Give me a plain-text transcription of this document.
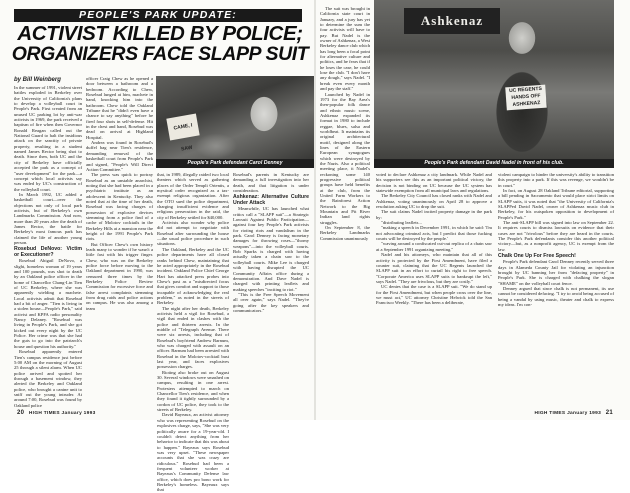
PEOPLE'S PARK UPDATE:
ACTIVIST KILLED BY POLICE;
ORGANIZERS FACE SLAPP SUIT
by Bill Weinberg

In the summer of 1991, violent street battles exploded in Berkeley over the University of California's plans to develop a volleyball court in People's Park. First created from an unused UC parking lot by anti-war activists in 1969, the park received a baptism of fire when then Governor Ronald Reagan called out the National Guard to halt the insidious attack on the sanctity of private property, resulting in a student named James Rector being shot to death. Since then, both UC and the city of Berkeley have officially accepted the park as a concept of "user development" for the park—a concept which local activists say was ended by UC's construction of the volleyball court.

In March 1992, UC added a basketball court—over the objections not only of local park activists, but of Berkeley's own Landmarks Commission. And now, more than 20 years after the death of James Rector, the battle for Berkeley's most famous park has claimed the life of another young person.

Rosebud DeNovo: Victim or Executioner?

Rosebud Abigail DeNovo, a slight, homeless woman of 19 years and 100 pounds, was shot to death by an Oakland police officer in the home of Chancellor Chang-Lin Tien of UC Berkeley, where she was apparently wielding a machete. Local activists admit that Rosebud had a bit of anger. "Tien is living in a stolen house—People's Park," said activist and KPFA radio personality Nancy Delaney. "Rosebud was living in People's Park, and she got kicked out every night by the UC Police. Her crime was that she had the guts to go into the patriarch's house and question his authority."

Rosebud apparently entered Tien's campus residence just before 5:00 AM on the morning of August 25 through a silent alarm. When UC police arrived and spotted her through a basement window, they alerted the Berkeley and Oakland police, who brought a canine unit to sniff out the young intruder. At around 7:00, Rosebud was found by Oakland police

officer Craig Chew as he opened a door between a bathroom and a bedroom. According to Chew, Rosebud lunged at him, machete in hand, knocking him into the bathroom. Chew told the Oakland Tribune that he "didn't even have a chance to say anything" before he fired four shots in self-defense. Hit in the chest and hand, Rosebud was dead on arrival at Highland Hospital.

Andrea was found in Rosebud's duffel bag near Tien's residence, demanding removal of the basketball court from People's Park and signed, "People's Will Direct Action Committee."

The press was quick to portray Rosebud as an unstable anarchist, noting that she had been placed in a psychiatric institute as an adolescent in Kentucky. They also noted that at the time of her death, Rosebud was facing charges of possession of explosive devices stemming from a police find of a cache of Molotov cocktails in the Berkeley Hills at a mansion near the height of the 1991 People's Park riots.

But Officer Chew's own history leads many to wonder if he wasn't a little fast with his trigger finger. Chew, who was on the Berkeley police force before moving to the Oakland department in 1990, was censured three times by the Berkeley Police Review Commission for excessive force and false arrest complaints stemming from drug raids and police actions on campus. He was also among a team

CAME, I SAW
People's Park defendant Carol Denney

that, in 1989, illegally raided two local theaters which served as gathering places of the Order Templi Orientis, a mystical order recognized as a tax-exempt religious organization. After the OTO sued the police department, charging insufficient evidence and religious persecution in the raid, the city of Berkeley settled for $40,000.

Activists also wonder why police did not attempt to negotiate with Rosebud after surrounding the house—the usual police procedure in such situations.

The Oakland, Berkeley and the UC police departments have all closed ranks behind Chew, maintaining that he acted appropriately in the Rosebud incident. Oakland Police Chief George Hart has attacked press probes into Chew's past as a "misdirected focus that gives comfort and support to those incapable of acknowledging the real problem," as noted in the streets of Berkeley.

The night after her death, Berkeley activists held a vigil for Rosebud, a vigil that ended in clashes with the police and thirteen arrests. In the middle of "Telegraph Avenue. There were six arrests, including that of Rosebud's boyfriend Andrew Barnum, who was charged with assault on an officer. Barnum had been arrested with Rosebud in the Molotov-cocktail bust last year, and faces explosives possession charges.

Rioting also broke out on August 30. Several windows were smashed on campus, resulting in one arrest. Protesters attempted to march on Chancellor Tien's residence, and when they found it tightly surrounded by a cordon of UC police, they took to the streets of Berkeley.

David Bayeaux, an activist attorney who was representing Rosebud on the explosives charge, says, "She was very politically aware for a 19-year-old. I couldn't detect anything from her behavior to indicate that this was about to happen." Bayeaux says Rosebud was very upset. "These newspaper accounts that she was crazy are ridiculous." Rosebud had been a frequent volunteer worker at Bayeaux's Community Defense law office, which does pro bono work for Berkeley's homeless. Bayeaux says that

Rosebud's parents in Kentucky are demanding a full investigation into her death, and that litigation is under consideration.

Ashkenaz: Alternative Culture Under Attack

Meanwhile, UC has launched what critics call a "SLAPP suit"—a Strategic Lawsuit Against Public Participation—against four key People's Park activists for rioting riots and vandalism in the park. Carol Denney is facing monetary damages for throwing roses—"thorny weapons"—into the volleyball courts. Bob Sparks is charged with having actually taken a chain saw to the volleyball courts. Mike Lee is charged with having disrupted the UC Community Affairs office during a demonstration. And Dave Nadel is charged with printing leaflets and making speeches "inciting to riot."

"This is the Free Speech Movement all over again," says Nadel. "They're going after the key speakers and communicators."

The suit was brought in California state court in January, and a jury has yet to determine the sum the four activists will have to pay. But Nadel is the owner of Ashkenaz, a West Berkeley dance club which has long been a focal point for alternative culture and politics, and he fears that if he loses the case, he could lose the club. "I don't have any dough," says Nadel. "I break even every month and pay the staff."

Launched by Nadel in 1973 for the Bay Area's then-popular folk dance and ethnic music scene, Ashkenaz expanded its format in 1980 to include reggae, blues, salsa and worldbeat. It maintains its original architectural motif, designed along the lines of the Eastern European synagogues which were destroyed by the Nazis. Also a political meeting place, it Nadel's reckoning some 140 progressive political groups have held benefits at the club, from the United Farm Workers to the Rainforest Action Network to the Big Mountain and Pit River Indian land rights struggles.

On September 8, the Berkeley Landmarks Commission unanimously

Ashkenaz
UC REGENTS HANDS OFF ASHKENAZ
People's Park defendant David Nadel in front of his club.

voted to declare Ashkenaz a city landmark. While Nadel and his supporters see this as an important political victory, the decision is not binding on UC because the UC system has statewide exemption from all municipal laws and regulations.

The Berkeley City Council has closed ranks with Nadel and Ashkenaz, voting unanimously on April 28 to approve a resolution asking UC to drop the suit.

The suit claims Nadel incited property damage in the park by:

"distributing leaflets...

"making a speech in December 1991, in which he said: 'I'm not advocating criminal acts, but I predict that those fucking courts will be destroyed by the people.'

"waving around a confiscated cut-out replica of a chain saw at a September 1991 organizing meeting."

Nadel and his attorneys, who maintain that all of this activity is protected by the First Amendment, have filed a counter suit, claiming that the UC Regents launched the SLAPP suit in an effort to curtail his right to free speech. "Corporate America uses SLAPP suits to bankrupt the left," says Nadel. "They are frivolous, but they are costly."

UC denies that the case is a SLAPP suit. "We do stand up for the First Amendment, but when people cross over the line, we must act," UC attorney Christine Helwick told the San Francisco Weekly. "There has been a deliberate,

violent campaign to hinder the university's ability to transition this property into a park. If this was revenge, we wouldn't be in court."

In fact, on August 28 Oakland Tribune editorial, supporting a bill pending in Sacramento that would place strict limits on SLAPP suits, it was noted that "the University of California's SLAPPed David Nadel, owner of Ashkenaz music club in Berkeley, for his outspoken opposition to development of People's Park."

The anti-SLAPP bill was signed into law on September 22. It requires courts to dismiss lawsuits on evidence that their cases are not "frivolous" before they are heard in the courts. The People's Park defendants consider this another political victory—but, as a nonprofit agency, UC is exempt from the law.

Chalk One Up For Free Speech!

People's Park defendant Carol Denney recently served three days in Alameda County Jail for violating an injunction brought by UC banning her from "defacing property" in People's Park. She is charged with chalking the slogan "SHAME" on the volleyball court fence.

Denney argued that since chalk is not permanent, its use cannot be considered defacing. "I try to avoid being accused of being a vandal by using music, theater and chalk to express my ideas. I'm con-

20 HIGH TIMES January 1993	HIGH TIMES January 1993 21
